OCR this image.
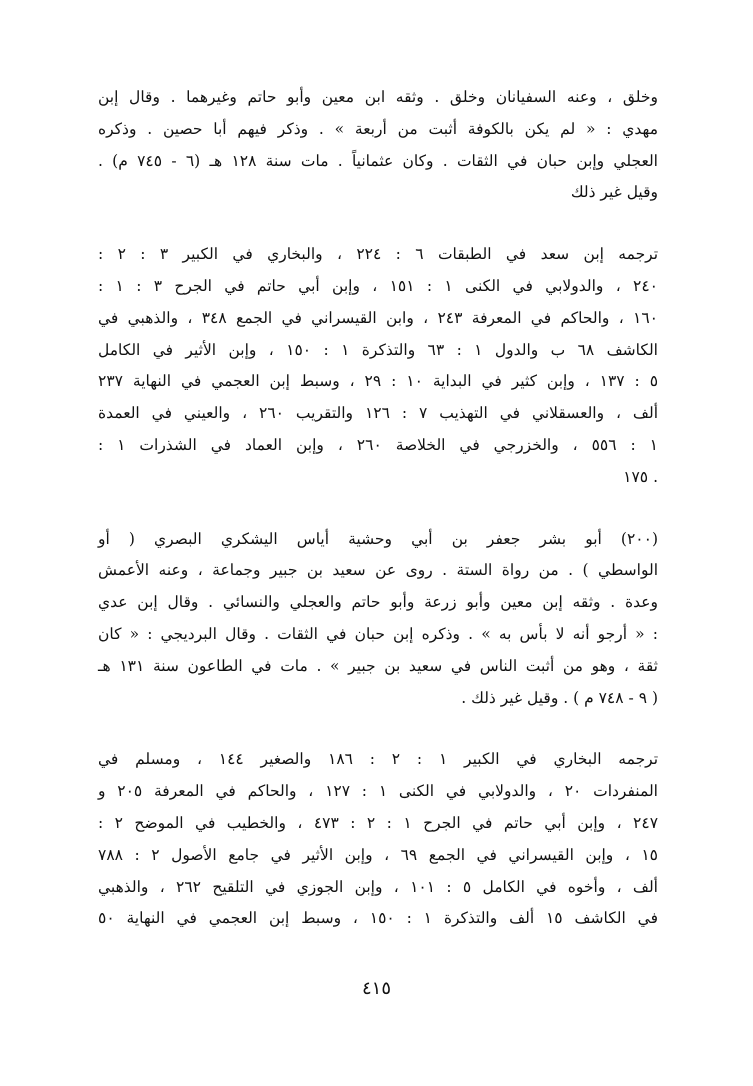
وخلق ، وعنه السفيانان وخلق . وثقه ابن معين وأبو حاتم وغيرهما . وقال إبن
مهدي : « لم يكن بالكوفة أثبت من أربعة » . وذكر فيهم أبا حصين . وذكره
العجلي وإبن حبان في الثقات . وكان عثمانياً . مات سنة ١٢٨ هـ (٦ - ٧٤٥ م) .
وقيل غير ذلك
ترجمه إبن سعد في الطبقات ٦ : ٢٢٤ ، والبخاري في الكبير ٣ : ٢ :
٢٤٠ ، والدولابي في الكنى ١ : ١٥١ ، وإبن أبي حاتم في الجرح ٣ : ١ :
١٦٠ ، والحاكم في المعرفة ٢٤٣ ، وابن القيسراني في الجمع ٣٤٨ ، والذهبي في
الكاشف ٦٨ ب والدول ١ : ٦٣ والتذكرة ١ : ١٥٠ ، وإبن الأثير في الكامل
٥ : ١٣٧ ، وإبن كثير في البداية ١٠ : ٢٩ ، وسبط إبن العجمي في النهاية ٢٣٧
ألف ، والعسقلاني في التهذيب ٧ : ١٢٦ والتقريب ٢٦٠ ، والعيني في العمدة
١ : ٥٥٦ ، والخزرجي في الخلاصة ٢٦٠ ، وإبن العماد في الشذرات ١ :
. ١٧٥
(٢٠٠) أبو بشر جعفر بن أبي وحشية أياس اليشكري البصري ( أو
الواسطي ) . من رواة الستة . روى عن سعيد بن جبير وجماعة ، وعنه الأعمش
وعدة . وثقه إبن معين وأبو زرعة وأبو حاتم والعجلي والنسائي . وقال إبن عدي
: « أرجو أنه لا بأس به » . وذكره إبن حبان في الثقات . وقال البرديجي : « كان
ثقة ، وهو من أثبت الناس في سعيد بن جبير » . مات في الطاعون سنة ١٣١ هـ
( ٩ - ٧٤٨ م ) . وقيل غير ذلك .
ترجمه البخاري في الكبير ١ : ٢ : ١٨٦ والصغير ١٤٤ ، ومسلم في
المنفردات ٢٠ ، والدولابي في الكنى ١ : ١٢٧ ، والحاكم في المعرفة ٢٠٥ و
٢٤٧ ، وإبن أبي حاتم في الجرح ١ : ٢ : ٤٧٣ ، والخطيب في الموضح ٢ :
١٥ ، وإبن القيسراني في الجمع ٦٩ ، وإبن الأثير في جامع الأصول ٢ : ٧٨٨
ألف ، وأخوه في الكامل ٥ : ١٠١ ، وإبن الجوزي في التلقيح ٢٦٢ ، والذهبي
في الكاشف ١٥ ألف والتذكرة ١ : ١٥٠ ، وسبط إبن العجمي في النهاية ٥٠
٤١٥
